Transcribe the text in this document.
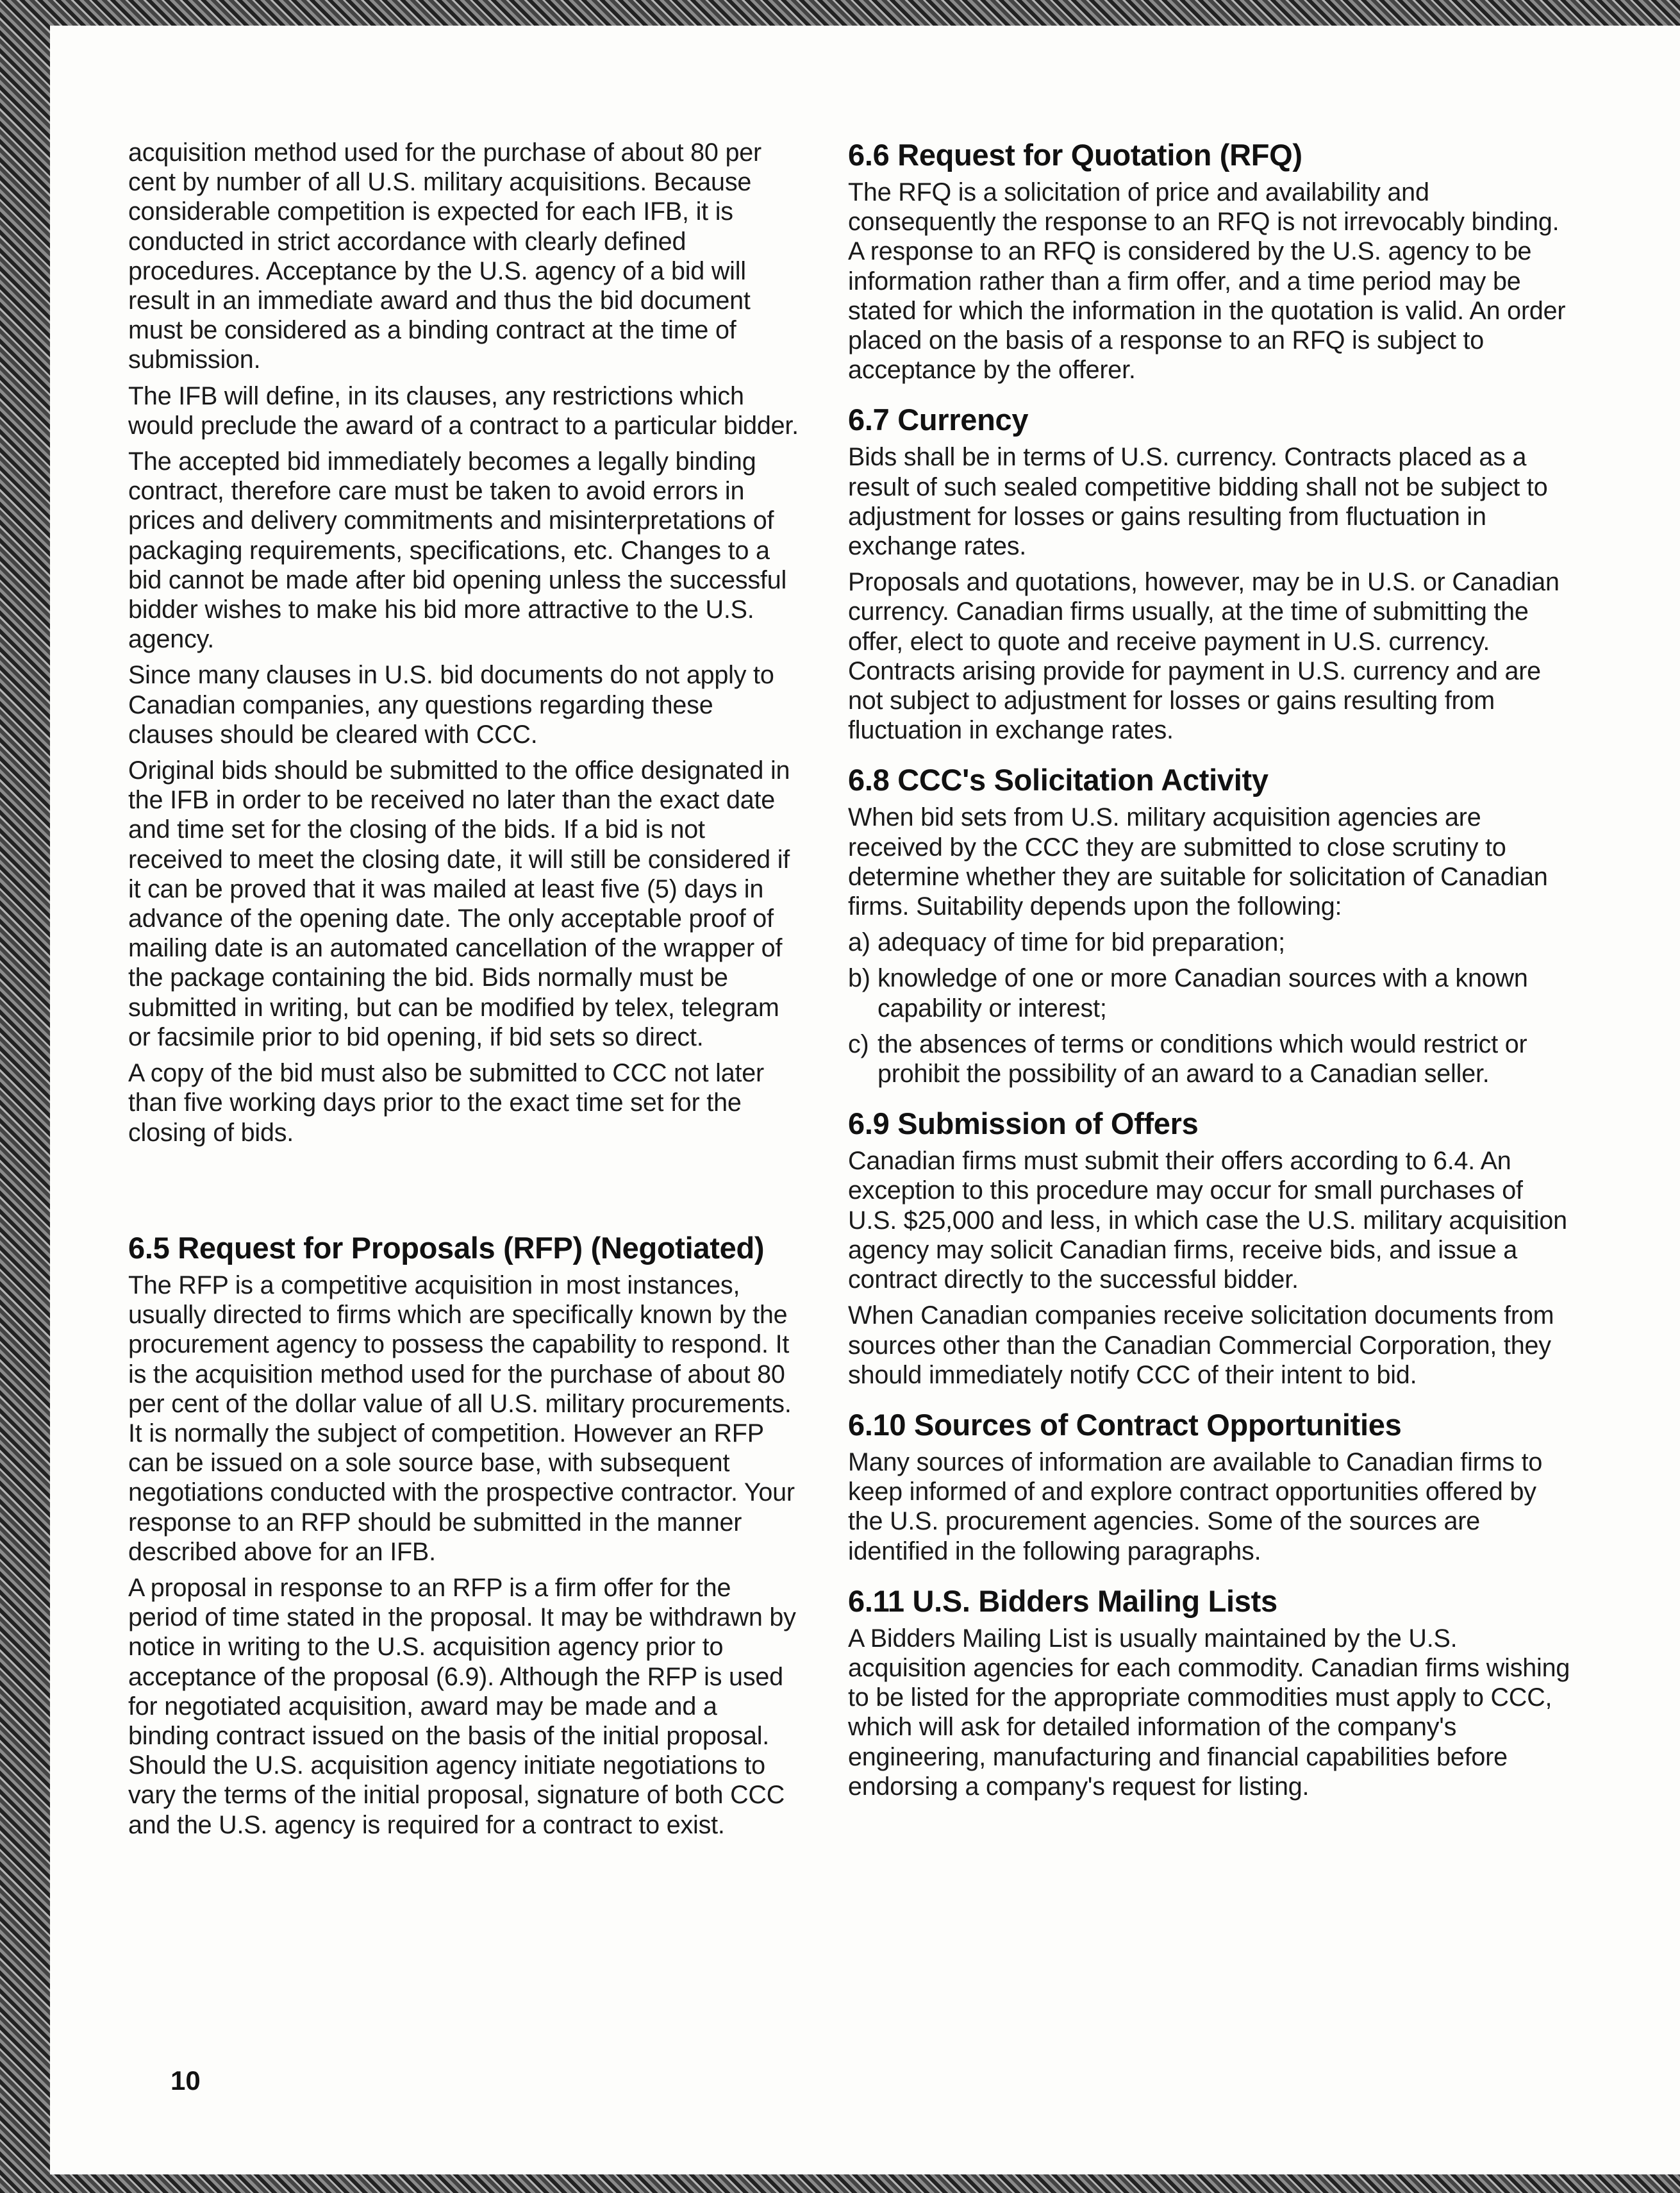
acquisition method used for the purchase of about 80 per cent by number of all U.S. military acquisitions. Because considerable competition is expected for each IFB, it is conducted in strict accordance with clearly defined procedures. Acceptance by the U.S. agency of a bid will result in an immediate award and thus the bid document must be considered as a binding contract at the time of submission.

The IFB will define, in its clauses, any restrictions which would preclude the award of a contract to a particular bidder.

The accepted bid immediately becomes a legally binding contract, therefore care must be taken to avoid errors in prices and delivery commitments and misinterpretations of packaging requirements, specifications, etc. Changes to a bid cannot be made after bid opening unless the successful bidder wishes to make his bid more attractive to the U.S. agency.

Since many clauses in U.S. bid documents do not apply to Canadian companies, any questions regarding these clauses should be cleared with CCC.

Original bids should be submitted to the office designated in the IFB in order to be received no later than the exact date and time set for the closing of the bids. If a bid is not received to meet the closing date, it will still be considered if it can be proved that it was mailed at least five (5) days in advance of the opening date. The only acceptable proof of mailing date is an automated cancellation of the wrapper of the package containing the bid. Bids normally must be submitted in writing, but can be modified by telex, telegram or facsimile prior to bid opening, if bid sets so direct.

A copy of the bid must also be submitted to CCC not later than five working days prior to the exact time set for the closing of bids.

6.5 Request for Proposals (RFP) (Negotiated)

The RFP is a competitive acquisition in most instances, usually directed to firms which are specifically known by the procurement agency to possess the capability to respond. It is the acquisition method used for the purchase of about 80 per cent of the dollar value of all U.S. military procurements. It is normally the subject of competition. However an RFP can be issued on a sole source base, with subsequent negotiations conducted with the prospective contractor. Your response to an RFP should be submitted in the manner described above for an IFB.

A proposal in response to an RFP is a firm offer for the period of time stated in the proposal. It may be withdrawn by notice in writing to the U.S. acquisition agency prior to acceptance of the proposal (6.9). Although the RFP is used for negotiated acquisition, award may be made and a binding contract issued on the basis of the initial proposal. Should the U.S. acquisition agency initiate negotiations to vary the terms of the initial proposal, signature of both CCC and the U.S. agency is required for a contract to exist.

6.6 Request for Quotation (RFQ)

The RFQ is a solicitation of price and availability and consequently the response to an RFQ is not irrevocably binding. A response to an RFQ is considered by the U.S. agency to be information rather than a firm offer, and a time period may be stated for which the information in the quotation is valid. An order placed on the basis of a response to an RFQ is subject to acceptance by the offerer.

6.7 Currency

Bids shall be in terms of U.S. currency. Contracts placed as a result of such sealed competitive bidding shall not be subject to adjustment for losses or gains resulting from fluctuation in exchange rates.

Proposals and quotations, however, may be in U.S. or Canadian currency. Canadian firms usually, at the time of submitting the offer, elect to quote and receive payment in U.S. currency. Contracts arising provide for payment in U.S. currency and are not subject to adjustment for losses or gains resulting from fluctuation in exchange rates.

6.8 CCC's Solicitation Activity

When bid sets from U.S. military acquisition agencies are received by the CCC they are submitted to close scrutiny to determine whether they are suitable for solicitation of Canadian firms. Suitability depends upon the following:

a) adequacy of time for bid preparation;
b) knowledge of one or more Canadian sources with a known capability or interest;
c) the absences of terms or conditions which would restrict or prohibit the possibility of an award to a Canadian seller.
6.9 Submission of Offers

Canadian firms must submit their offers according to 6.4. An exception to this procedure may occur for small purchases of U.S. $25,000 and less, in which case the U.S. military acquisition agency may solicit Canadian firms, receive bids, and issue a contract directly to the successful bidder.

When Canadian companies receive solicitation documents from sources other than the Canadian Commercial Corporation, they should immediately notify CCC of their intent to bid.

6.10 Sources of Contract Opportunities

Many sources of information are available to Canadian firms to keep informed of and explore contract opportunities offered by the U.S. procurement agencies. Some of the sources are identified in the following paragraphs.

6.11 U.S. Bidders Mailing Lists

A Bidders Mailing List is usually maintained by the U.S. acquisition agencies for each commodity. Canadian firms wishing to be listed for the appropriate commodities must apply to CCC, which will ask for detailed information of the company's engineering, manufacturing and financial capabilities before endorsing a company's request for listing.

10
